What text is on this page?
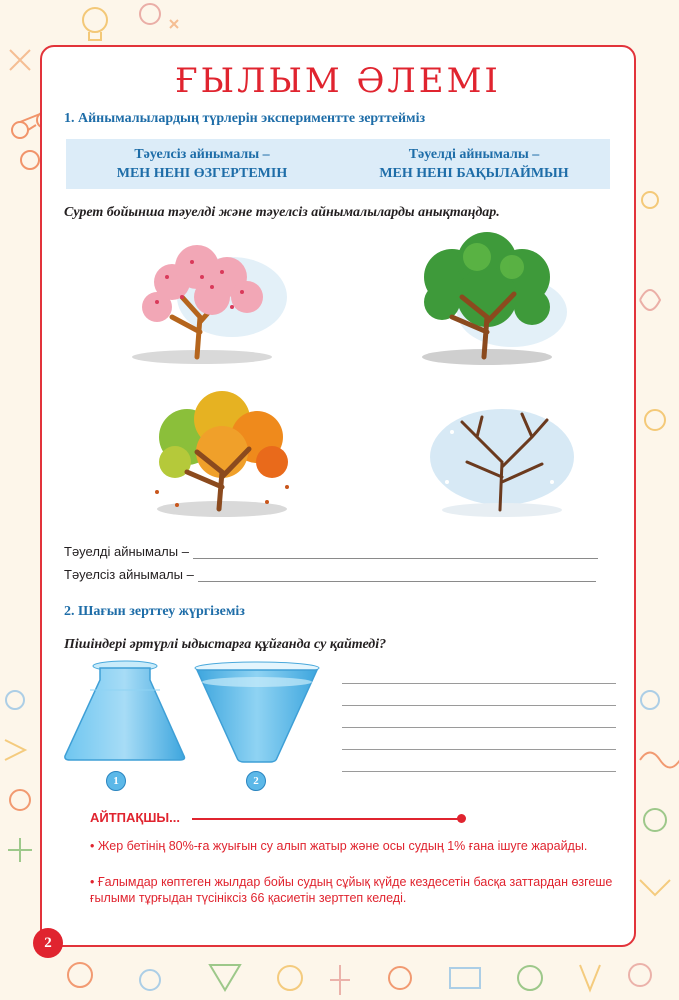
ҒЫЛЫМ ӘЛЕМІ
1. Айнымалылардың түрлерін экспериментте зерттейміз
Тәуелсіз айнымалы –
МЕН НЕНІ ӨЗГЕРТЕМІН
Тәуелді айнымалы –
МЕН НЕНІ БАҚЫЛАЙМЫН
Сурет бойынша тәуелді және тәуелсіз айнымалыларды анықтаңдар.
Тәуелді айнымалы –
Тәуелсіз айнымалы –
2. Шағын зерттеу жүргіземіз
Пішіндері әртүрлі ыдыстарға құйғанда су қайтеді?
1	2
АЙТПАҚШЫ...
• Жер бетінің 80%-ға жуығын су алып жатыр және осы судың 1% ғана ішуге жарайды.
• Ғалымдар көптеген жылдар бойы судың сұйық күйде кездесетін басқа заттардан өзгеше ғылыми тұрғыдан түсініксіз 66 қасиетін зерттеп келеді.
2
